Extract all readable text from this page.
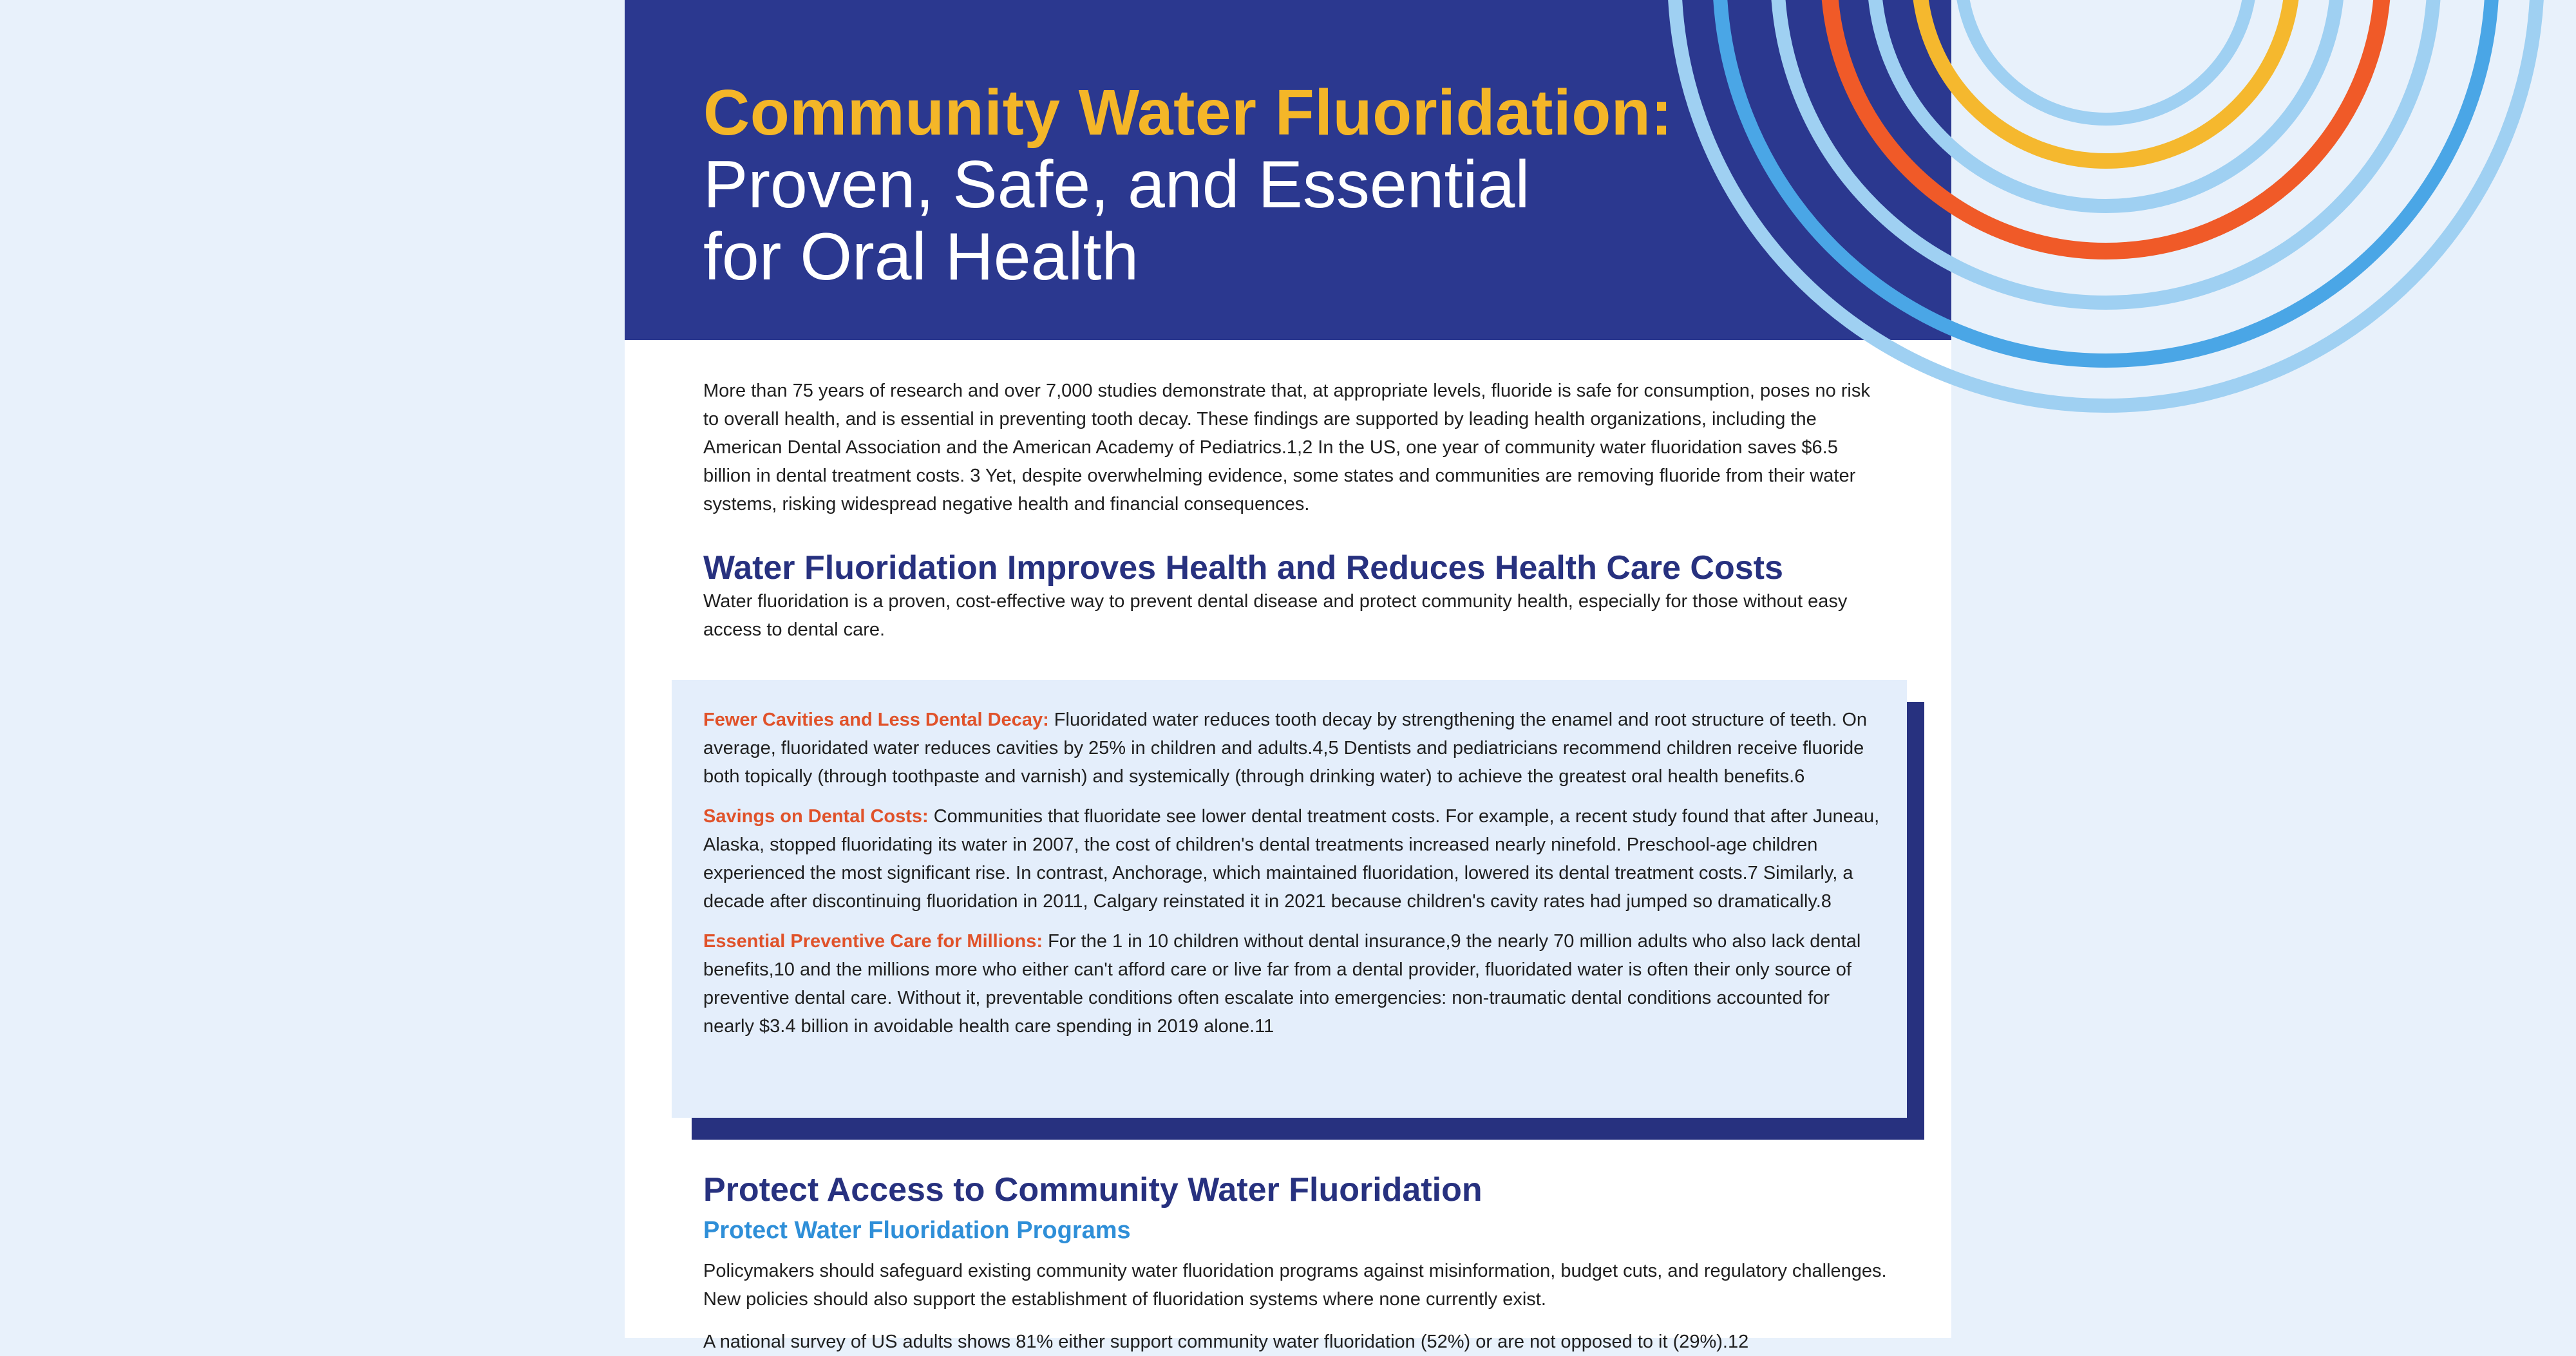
Community Water Fluoridation:
Proven, Safe, and Essential
for Oral Health
More than 75 years of research and over 7,000 studies demonstrate that, at appropriate levels, fluoride is safe for consumption, poses no risk to overall health, and is essential in preventing tooth decay. These findings are supported by leading health organizations, including the American Dental Association and the American Academy of Pediatrics.1,2 In the US, one year of community water fluoridation saves $6.5 billion in dental treatment costs. 3 Yet, despite overwhelming evidence, some states and communities are removing fluoride from their water systems, risking widespread negative health and financial consequences.
Water Fluoridation Improves Health and Reduces Health Care Costs
Water fluoridation is a proven, cost-effective way to prevent dental disease and protect community health, especially for those without easy access to dental care.

Fewer Cavities and Less Dental Decay: Fluoridated water reduces tooth decay by strengthening the enamel and root structure of teeth. On average, fluoridated water reduces cavities by 25% in children and adults.4,5 Dentists and pediatricians recommend children receive fluoride both topically (through toothpaste and varnish) and systemically (through drinking water) to achieve the greatest oral health benefits.6

Savings on Dental Costs: Communities that fluoridate see lower dental treatment costs. For example, a recent study found that after Juneau, Alaska, stopped fluoridating its water in 2007, the cost of children's dental treatments increased nearly ninefold. Preschool-age children experienced the most significant rise. In contrast, Anchorage, which maintained fluoridation, lowered its dental treatment costs.7 Similarly, a decade after discontinuing fluoridation in 2011, Calgary reinstated it in 2021 because children's cavity rates had jumped so dramatically.8

Essential Preventive Care for Millions: For the 1 in 10 children without dental insurance,9 the nearly 70 million adults who also lack dental benefits,10 and the millions more who either can't afford care or live far from a dental provider, fluoridated water is often their only source of preventive dental care. Without it, preventable conditions often escalate into emergencies: non-traumatic dental conditions accounted for nearly $3.4 billion in avoidable health care spending in 2019 alone.11

Protect Access to Community Water Fluoridation
Protect Water Fluoridation Programs
Policymakers should safeguard existing community water fluoridation programs against misinformation, budget cuts, and regulatory challenges. New policies should also support the establishment of fluoridation systems where none currently exist.
A national survey of US adults shows 81% either support community water fluoridation (52%) or are not opposed to it (29%).12
